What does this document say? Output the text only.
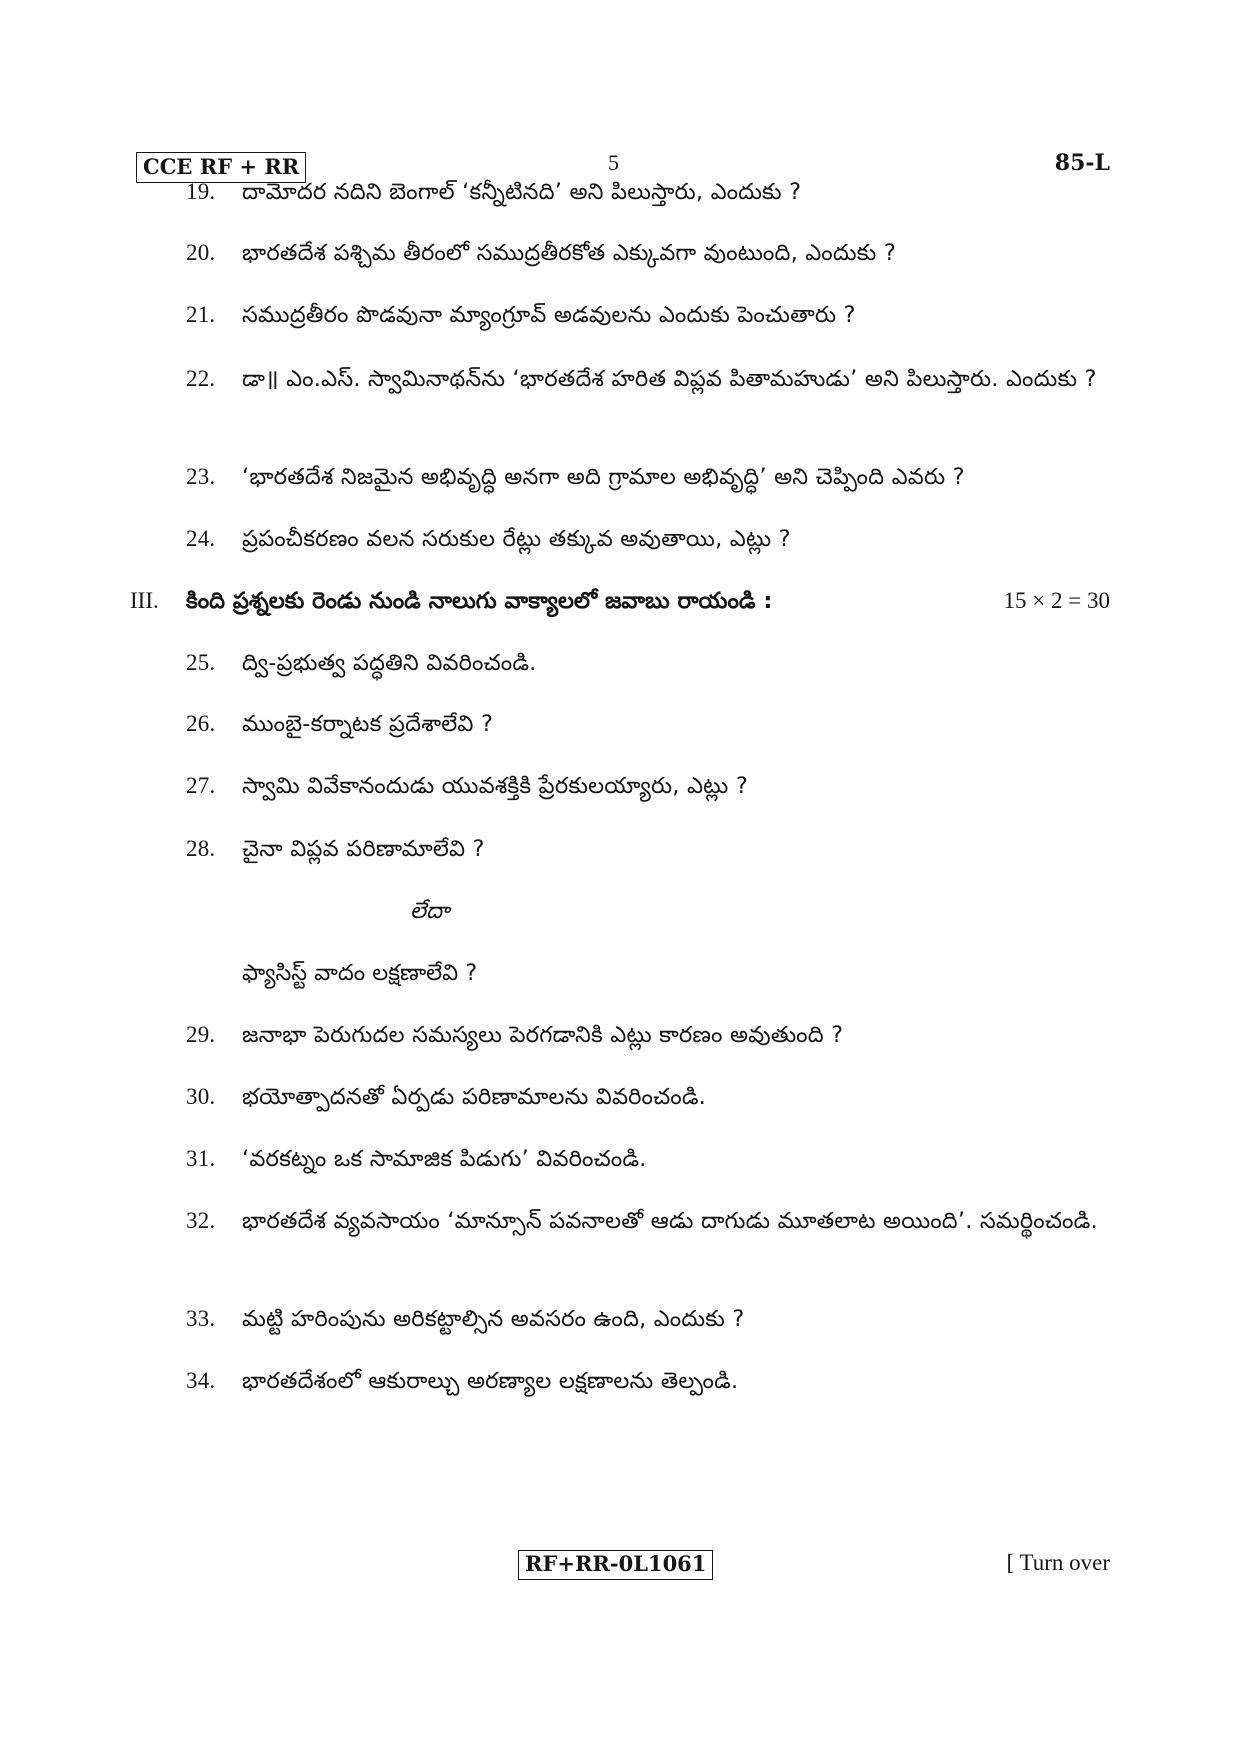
CCE RF + RR	5	85-L
19. దామోదర నదిని బెంగాల్ ‘కన్నీటినది’ అని పిలుస్తారు, ఎందుకు ?
20. భారతదేశ పశ్చిమ తీరంలో సముద్రతీరకోత ఎక్కువగా వుంటుంది, ఎందుకు ?
21. సముద్రతీరం పొడవునా మ్యాంగ్రూవ్ అడవులను ఎందుకు పెంచుతారు ?
22. డా॥ ఎం.ఎస్. స్వామినాథన్‌ను ‘భారతదేశ హరిత విప్లవ పితామహుడు’ అని పిలుస్తారు. ఎందుకు ?
23. ‘భారతదేశ నిజమైన అభివృద్ధి అనగా అది గ్రామాల అభివృద్ధి’ అని చెప్పింది ఎవరు ?
24. ప్రపంచీకరణం వలన సరుకుల రేట్లు తక్కువ అవుతాయి, ఎట్లు ?
III. కింది ప్రశ్నలకు రెండు నుండి నాలుగు వాక్యాలలో జవాబు రాయండి :	15 × 2 = 30
25. ద్వి-ప్రభుత్వ పద్ధతిని వివరించండి.
26. ముంబై-కర్నాటక ప్రదేశాలేవి ?
27. స్వామి వివేకానందుడు యువశక్తికి ప్రేరకులయ్యారు, ఎట్లు ?
28. చైనా విప్లవ పరిణామాలేవి ?
లేదా
ఫ్యాసిస్ట్ వాదం లక్షణాలేవి ?
29. జనాభా పెరుగుదల సమస్యలు పెరగడానికి ఎట్లు కారణం అవుతుంది ?
30. భయోత్పాదనతో ఏర్పడు పరిణామాలను వివరించండి.
31. ‘వరకట్నం ఒక సామాజిక పిడుగు’ వివరించండి.
32. భారతదేశ వ్యవసాయం ‘మాన్సూన్ పవనాలతో ఆడు దాగుడు మూతలాట అయింది’. సమర్థించండి.
33. మట్టి హరింపును అరికట్టాల్సిన అవసరం ఉంది, ఎందుకు ?
34. భారతదేశంలో ఆకురాల్చు అరణ్యాల లక్షణాలను తెల్పండి.
RF+RR-0L1061	[ Turn over
